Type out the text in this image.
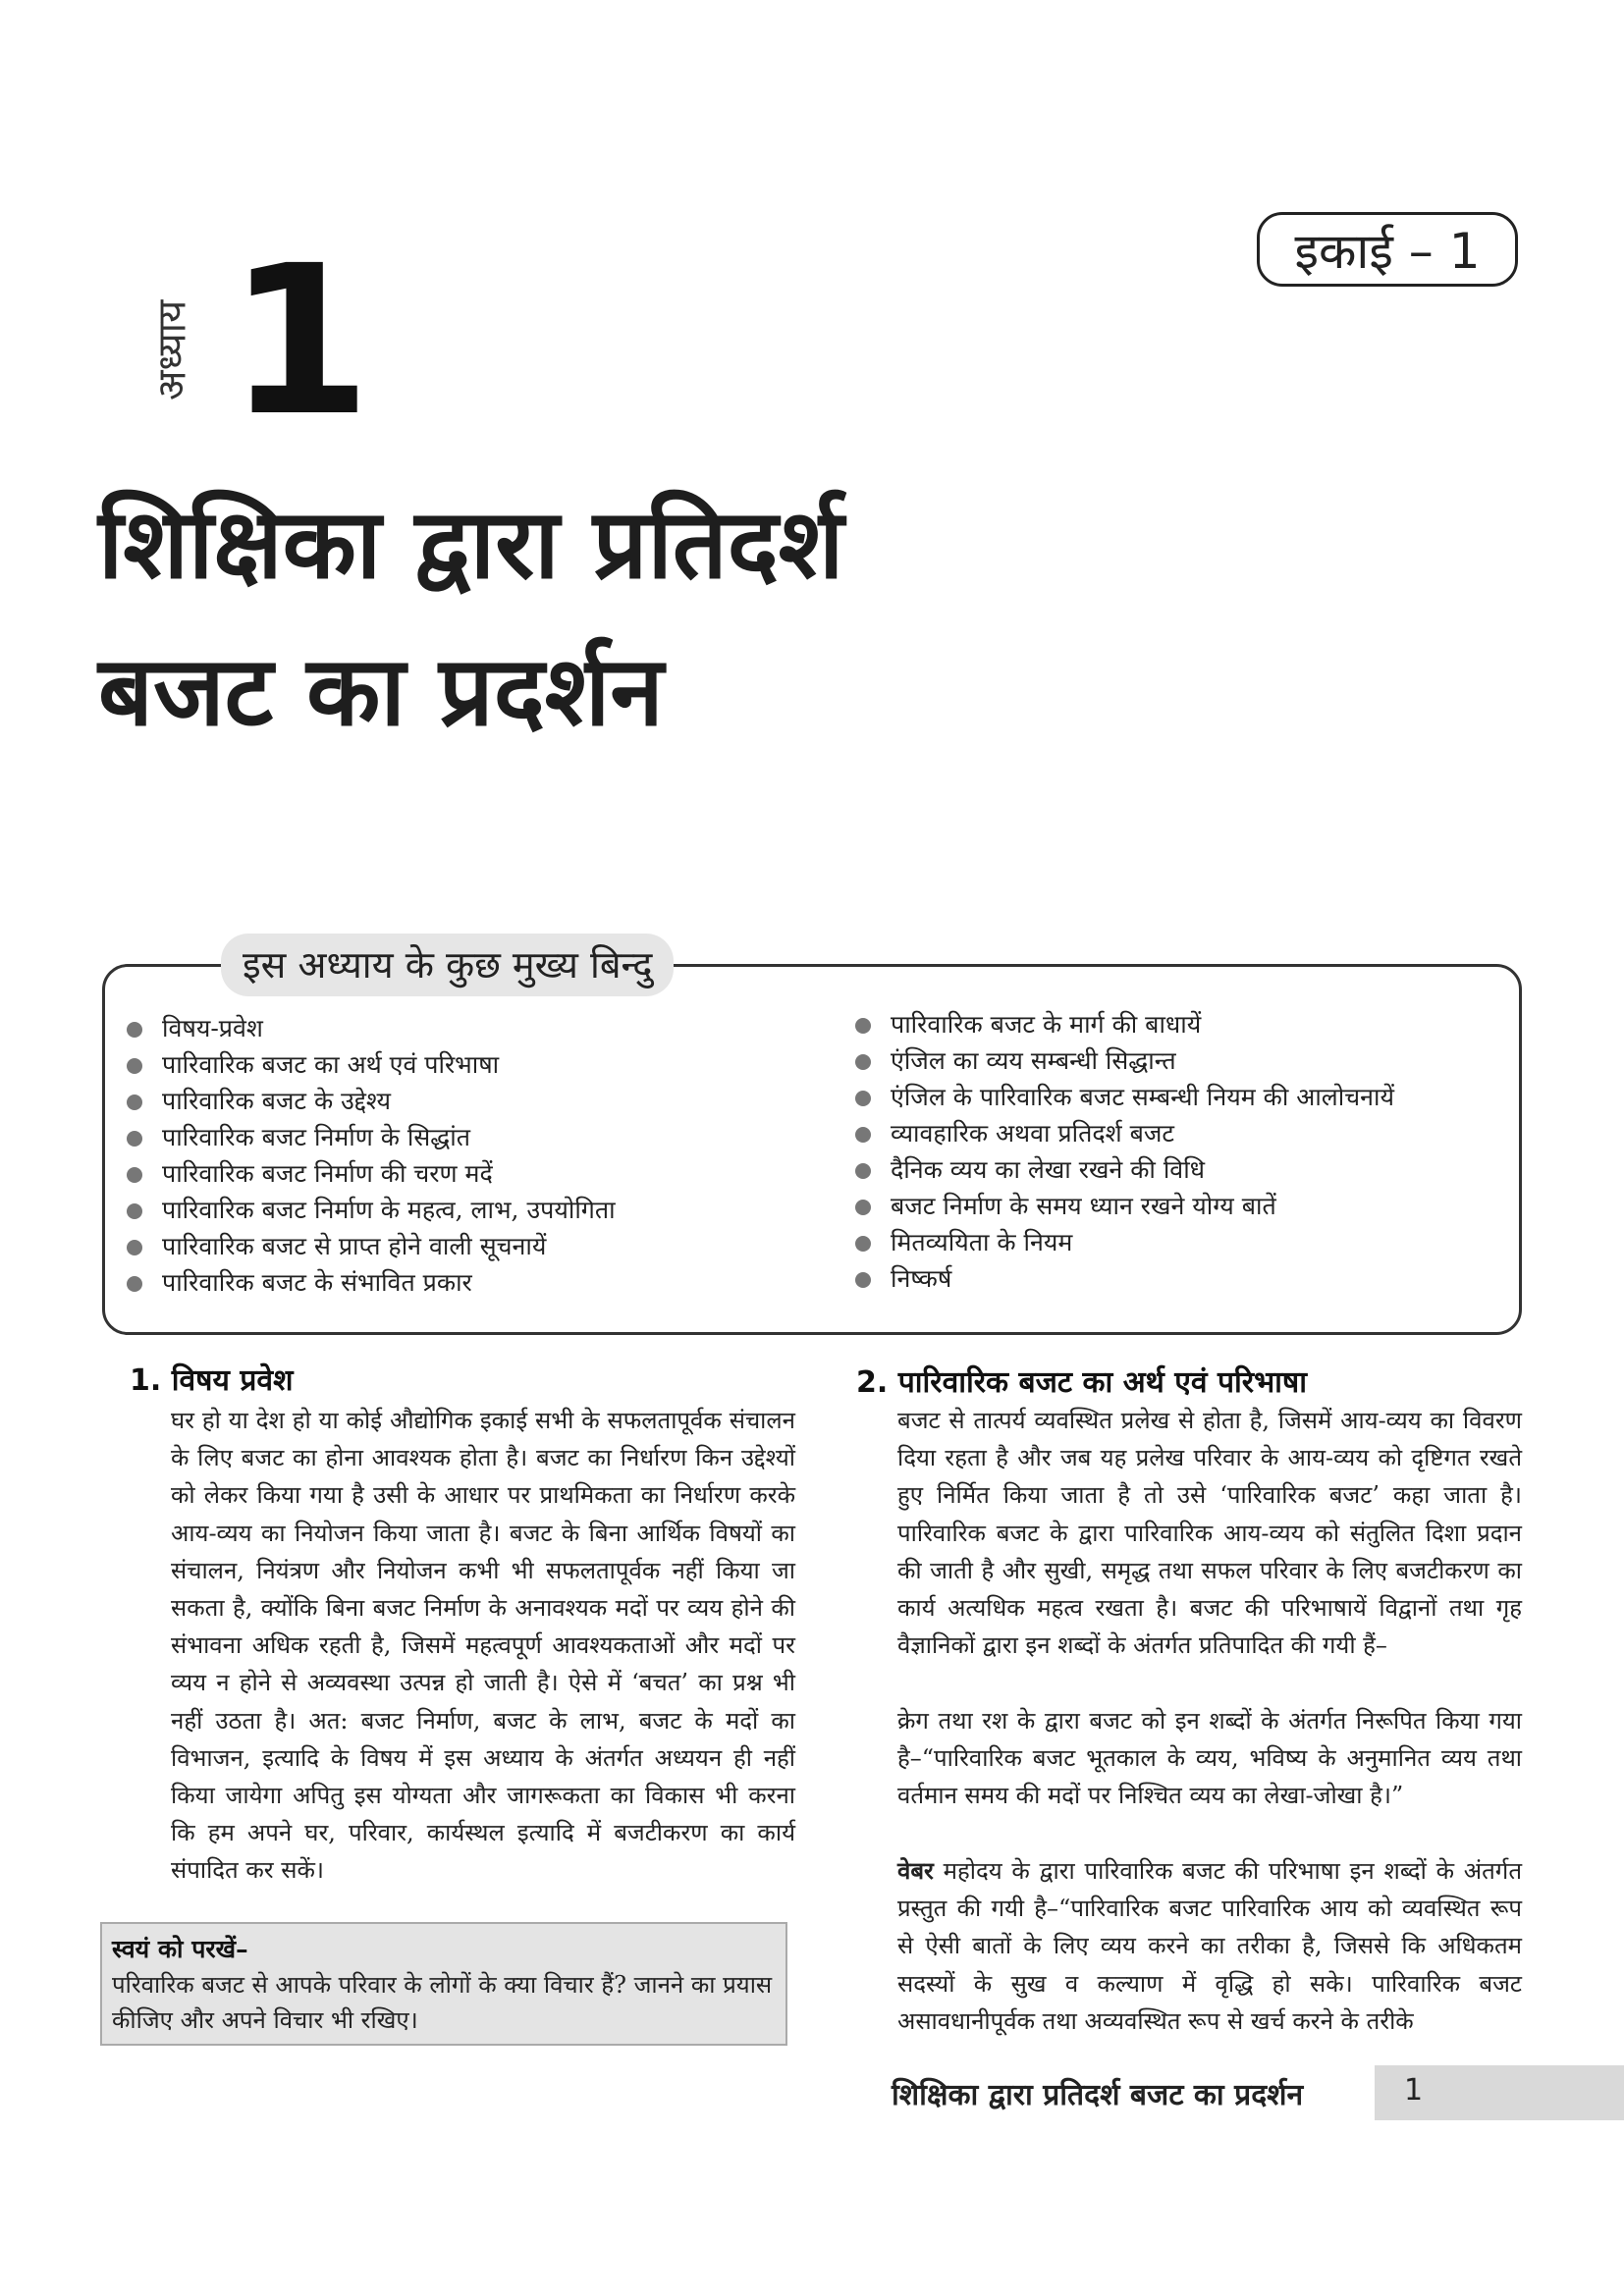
इकाई – 1
अध्याय 1
शिक्षिका द्वारा प्रतिदर्श
बजट का प्रदर्शन
इस अध्याय के कुछ मुख्य बिन्दु
विषय-प्रवेश
पारिवारिक बजट का अर्थ एवं परिभाषा
पारिवारिक बजट के उद्देश्य
पारिवारिक बजट निर्माण के सिद्धांत
पारिवारिक बजट निर्माण की चरण मदें
पारिवारिक बजट निर्माण के महत्व, लाभ, उपयोगिता
पारिवारिक बजट से प्राप्त होने वाली सूचनायें
पारिवारिक बजट के संभावित प्रकार
पारिवारिक बजट के मार्ग की बाधायें
एंजिल का व्यय सम्बन्धी सिद्धान्त
एंजिल के पारिवारिक बजट सम्बन्धी नियम की आलोचनायें
व्यावहारिक अथवा प्रतिदर्श बजट
दैनिक व्यय का लेखा रखने की विधि
बजट निर्माण के समय ध्यान रखने योग्य बातें
मितव्ययिता के नियम
निष्कर्ष
1. विषय प्रवेश

घर हो या देश हो या कोई औद्योगिक इकाई सभी के सफलतापूर्वक संचालन के लिए बजट का होना आवश्यक होता है। बजट का निर्धारण किन उद्देश्यों को लेकर किया गया है उसी के आधार पर प्राथमिकता का निर्धारण करके आय-व्यय का नियोजन किया जाता है। बजट के बिना आर्थिक विषयों का संचालन, नियंत्रण और नियोजन कभी भी सफलतापूर्वक नहीं किया जा सकता है, क्योंकि बिना बजट निर्माण के अनावश्यक मदों पर व्यय होने की संभावना अधिक रहती है, जिसमें महत्वपूर्ण आवश्यकताओं और मदों पर व्यय न होने से अव्यवस्था उत्पन्न हो जाती है। ऐसे में ‘बचत’ का प्रश्न भी नहीं उठता है। अत: बजट निर्माण, बजट के लाभ, बजट के मदों का विभाजन, इत्यादि के विषय में इस अध्याय के अंतर्गत अध्ययन ही नहीं किया जायेगा अपितु इस योग्यता और जागरूकता का विकास भी करना कि हम अपने घर, परिवार, कार्यस्थल इत्यादि में बजटीकरण का कार्य संपादित कर सकें।

स्वयं को परखें–
परिवारिक बजट से आपके परिवार के लोगों के क्या विचार हैं? जानने का प्रयास कीजिए और अपने विचार भी रखिए।
2. पारिवारिक बजट का अर्थ एवं परिभाषा

बजट से तात्पर्य व्यवस्थित प्रलेख से होता है, जिसमें आय-व्यय का विवरण दिया रहता है और जब यह प्रलेख परिवार के आय-व्यय को दृष्टिगत रखते हुए निर्मित किया जाता है तो उसे ‘पारिवारिक बजट’ कहा जाता है। पारिवारिक बजट के द्वारा पारिवारिक आय-व्यय को संतुलित दिशा प्रदान की जाती है और सुखी, समृद्ध तथा सफल परिवार के लिए बजटीकरण का कार्य अत्यधिक महत्व रखता है। बजट की परिभाषायें विद्वानों तथा गृह वैज्ञानिकों द्वारा इन शब्दों के अंतर्गत प्रतिपादित की गयी हैं–

क्रेग तथा रश के द्वारा बजट को इन शब्दों के अंतर्गत निरूपित किया गया है–“पारिवारिक बजट भूतकाल के व्यय, भविष्य के अनुमानित व्यय तथा वर्तमान समय की मदों पर निश्चित व्यय का लेखा-जोखा है।”

वेबर महोदय के द्वारा पारिवारिक बजट की परिभाषा इन शब्दों के अंतर्गत प्रस्तुत की गयी है–“पारिवारिक बजट पारिवारिक आय को व्यवस्थित रूप से ऐसी बातों के लिए व्यय करने का तरीका है, जिससे कि अधिकतम सदस्यों के सुख व कल्याण में वृद्धि हो सके। पारिवारिक बजट असावधानीपूर्वक तथा अव्यवस्थित रूप से खर्च करने के तरीके

शिक्षिका द्वारा प्रतिदर्श बजट का प्रदर्शन	1
